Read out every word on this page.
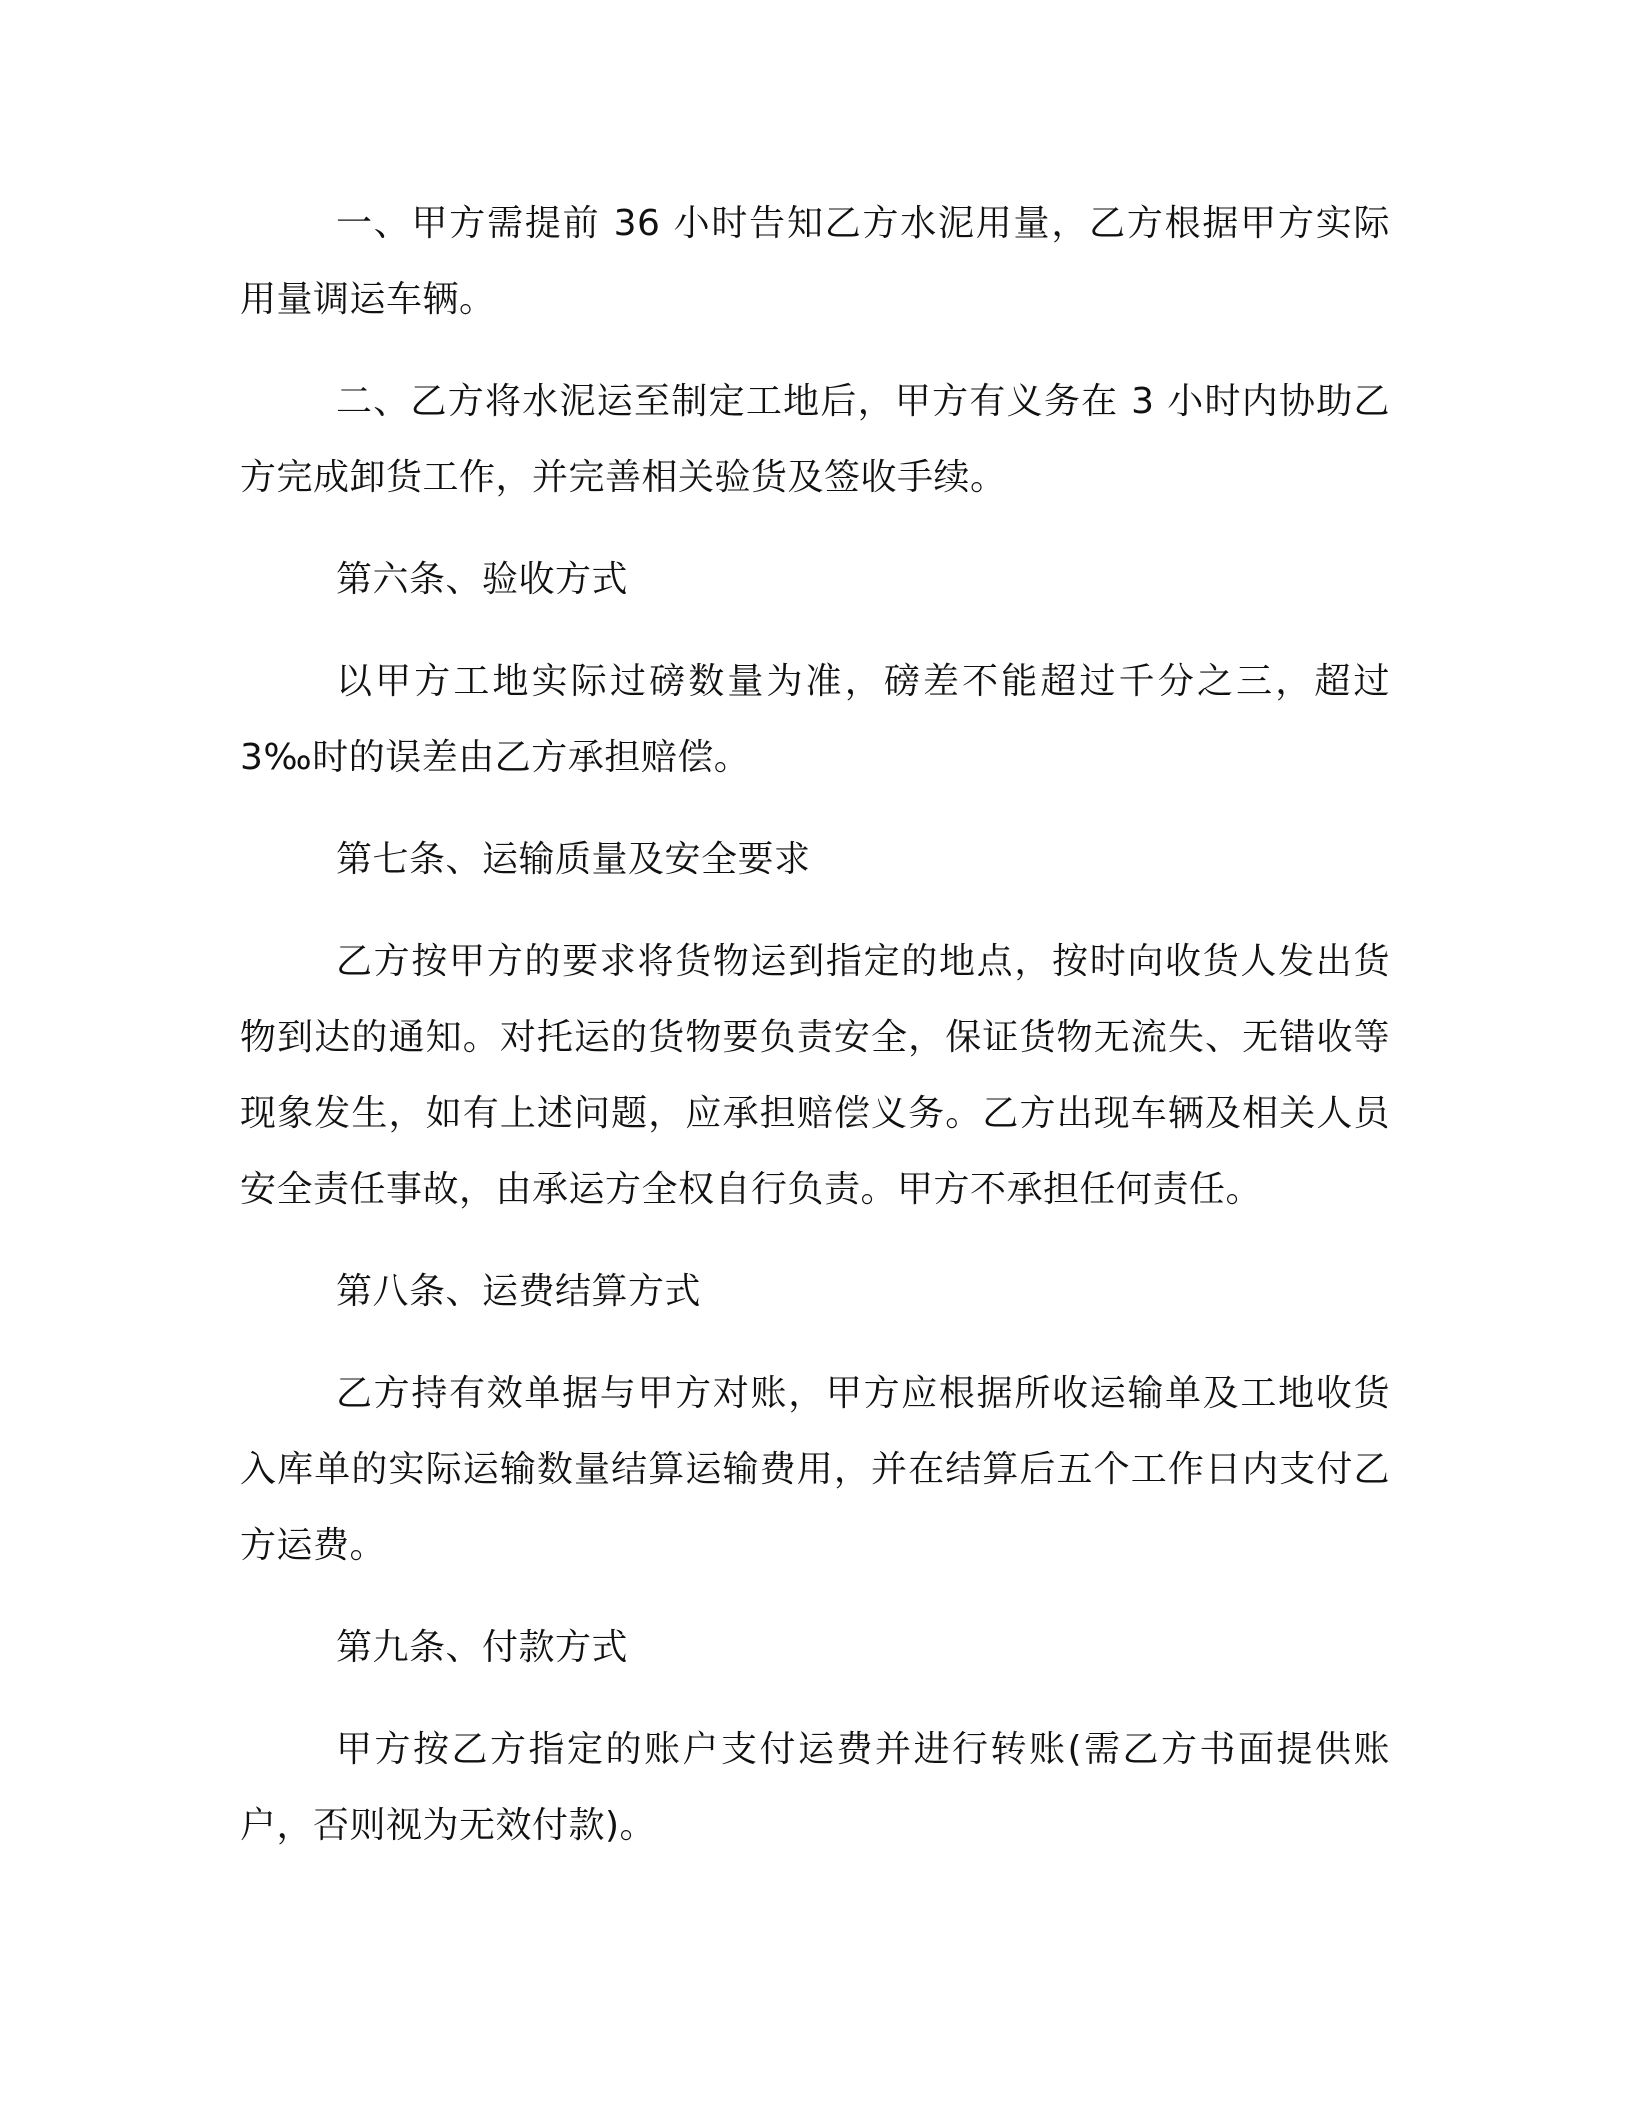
一、甲方需提前 36 小时告知乙方水泥用量，乙方根据甲方实际用量调运车辆。

二、乙方将水泥运至制定工地后，甲方有义务在 3 小时内协助乙方完成卸货工作，并完善相关验货及签收手续。

第六条、验收方式

以甲方工地实际过磅数量为准，磅差不能超过千分之三，超过3‰时的误差由乙方承担赔偿。

第七条、运输质量及安全要求

乙方按甲方的要求将货物运到指定的地点，按时向收货人发出货物到达的通知。对托运的货物要负责安全，保证货物无流失、无错收等现象发生，如有上述问题，应承担赔偿义务。乙方出现车辆及相关人员安全责任事故，由承运方全权自行负责。甲方不承担任何责任。

第八条、运费结算方式

乙方持有效单据与甲方对账，甲方应根据所收运输单及工地收货入库单的实际运输数量结算运输费用，并在结算后五个工作日内支付乙方运费。

第九条、付款方式

甲方按乙方指定的账户支付运费并进行转账(需乙方书面提供账户，否则视为无效付款)。
